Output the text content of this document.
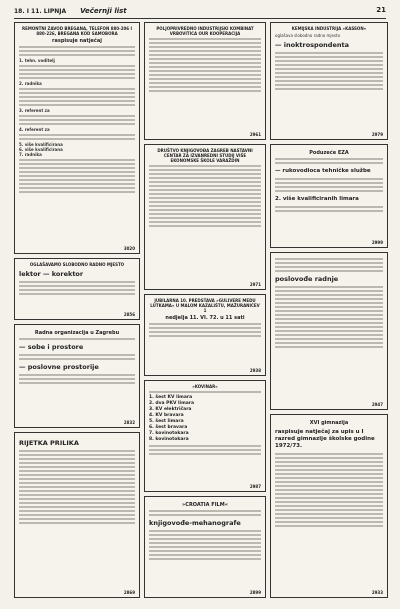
18. I 11. LIPNJA Večernji list	21
REMONTNI ZAVOD BREGANA, TELEFON 880-206 I 880-226, BREGANA KOD SAMOBORA
raspisuje natječaj
1. tehn. voditelj
2. radnika
3. referent za
4. referent za
5. više kvalificirana
6. više kvalificirana
7. radnika
3020
OGLAŠAVAMO SLOBODNO RADNO MJESTO
lektor — korektor
2856
Radna organizacija u Zagrebu
— sobe i prostore
— poslovne prostorije
2832
RIJETKA PRILIKA
2869
POLJOPRIVREDNO INDUSTRIJSKI KOMBINAT VRBOVITICA OUR KOOPERACIJA
2961
DRUŠTVO KNJIGOVOĐA ZAGREB NASTAVNI CENTAR ZA IZVANREDNI STUDIJ VIŠE EKONOMSKE ŠKOLE VARAŽDIN
2971
JUBILARNA 10. PREDSTAVA »GULIVERE MEDU LUTKAMA« U MALOM KAZALIŠTU, MAŽURANIĆEV 1
nedjelja 11. VI. 72. u 11 sati
2938
»KOVINAR«
1. šest KV limara
2. dva PKV limara
3. KV električara
4. KV bravara
5. šest limara
6. šest bravara
7. kovinotokara
8. kovinotokara
2987
»CROATIA FILM«
knjigovođe-mehanografe
2899
KEMIJSKA INDUSTRIJA »KASSON«
oglašava slobodno radno mjesto
— inoktrospondenta
2979
Poduzeće EZA
— rukovodioca tehničke službe
2. više kvalificiranih limara
2999
poslovođe radnje
2947
XVI gimnazija
raspisuje natječaj za upis u I razred gimnazije školske godine 1972/73.
2933
